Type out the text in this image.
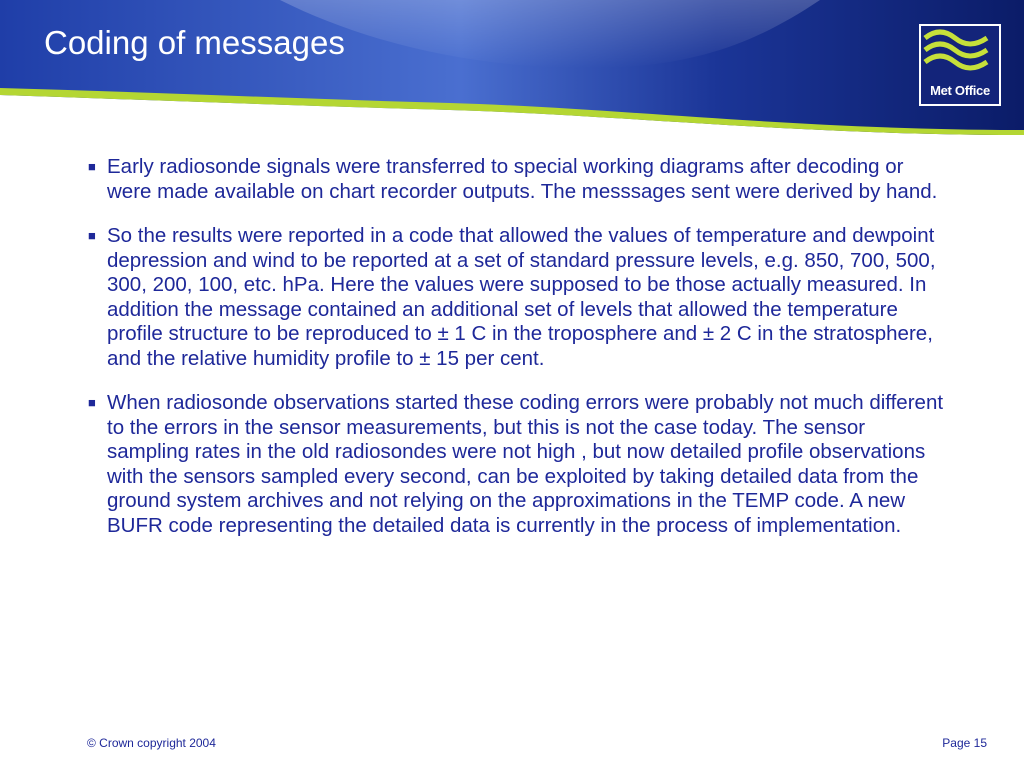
Coding of messages
Met Office
■ Early radiosonde signals were transferred to special working diagrams after decoding or were made available on chart recorder outputs. The messsages sent were derived by hand.
■ So the results were reported in a code that allowed the values of temperature and dewpoint depression and wind to be reported at a set of standard pressure levels, e.g. 850, 700, 500, 300, 200, 100, etc. hPa. Here the values were supposed to be those actually measured. In addition the message contained an additional set of levels that allowed the temperature profile structure to be reproduced to ± 1 C in the troposphere and ± 2 C in the stratosphere, and the relative humidity profile to ± 15 per cent.
■ When radiosonde observations started these coding errors were probably not much different to the errors in the sensor measurements, but this is not the case today. The sensor sampling rates in the old radiosondes were not high , but now detailed profile observations with the sensors sampled every second, can be exploited by taking detailed data from the ground system archives and not relying on the approximations in the TEMP code. A new BUFR code representing the detailed data is currently in the process of implementation.
© Crown copyright 2004	Page 15
